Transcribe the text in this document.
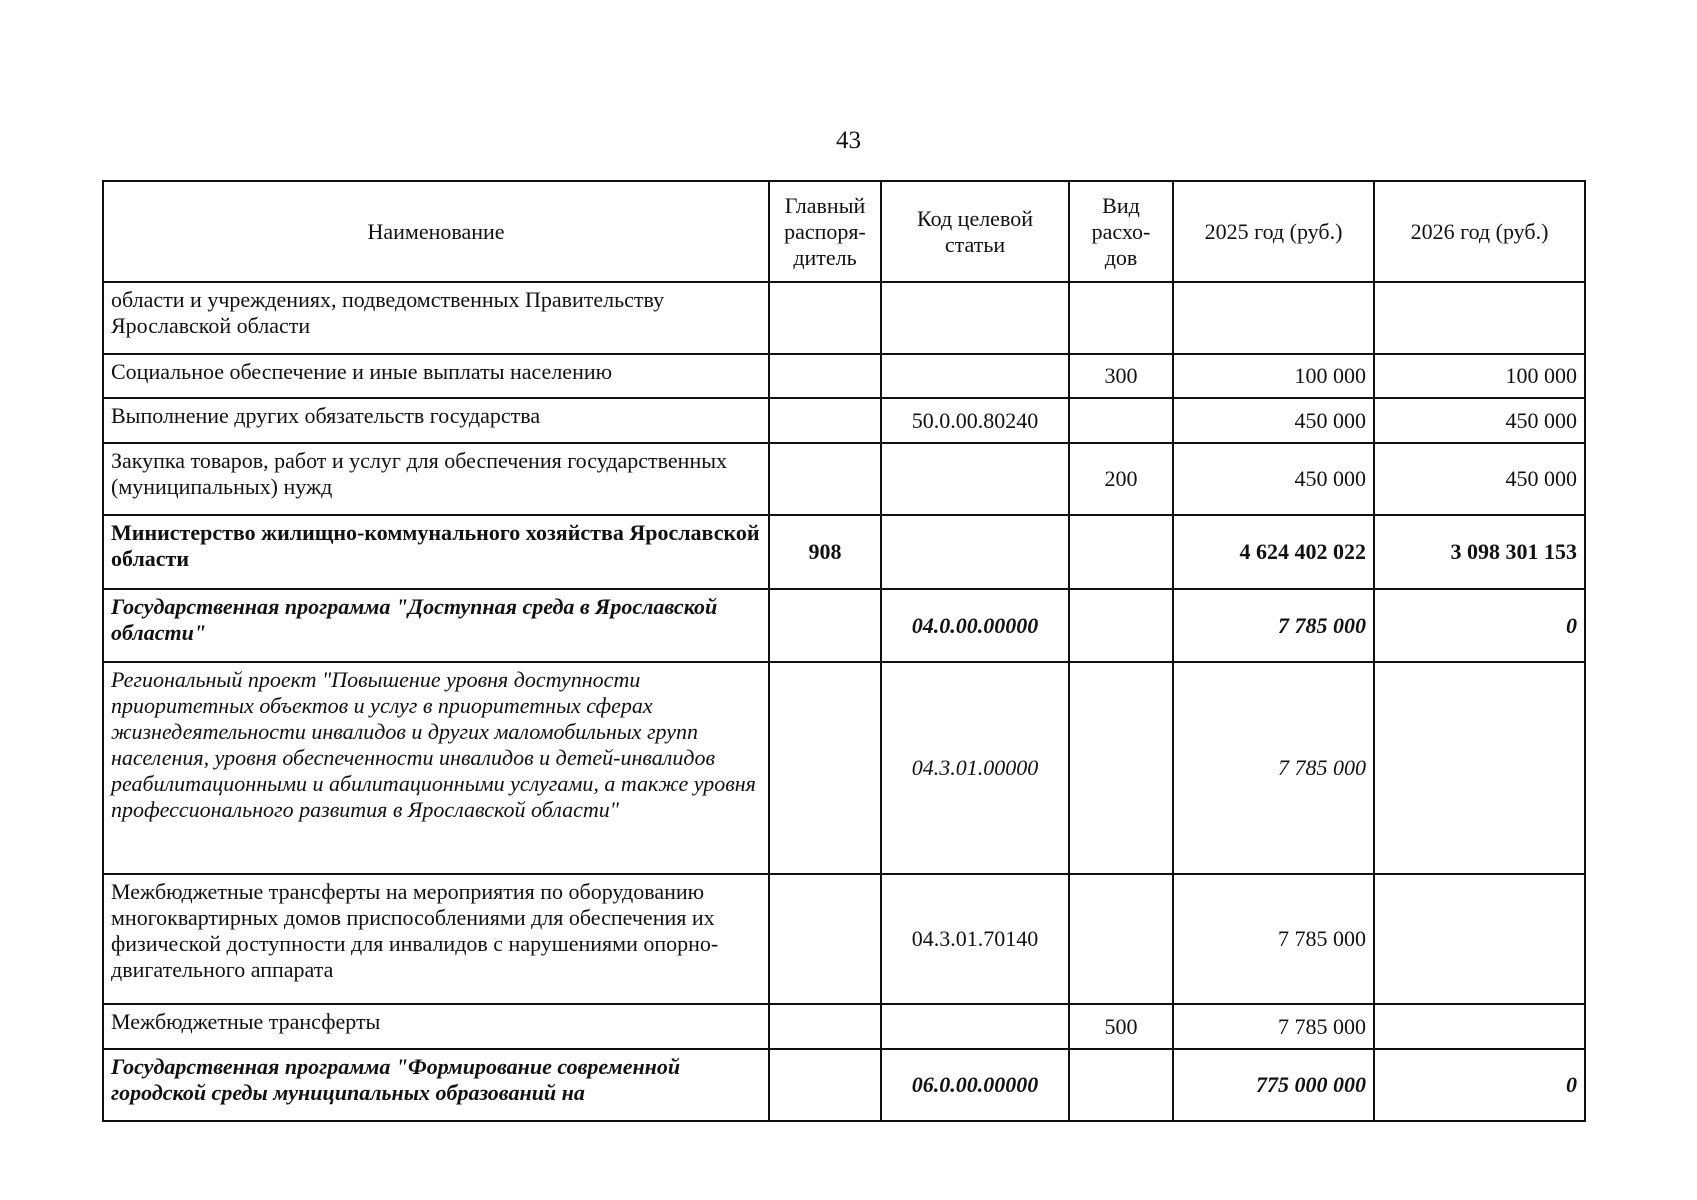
43
Наименование	Главный распоря-дитель	Код целевой статьи	Вид расхо-дов	2025 год (руб.)	2026 год (руб.)
области и учреждениях, подведомственных Правительству Ярославской области					
Социальное обеспечение и иные выплаты населению			300	100 000	100 000
Выполнение других обязательств государства		50.0.00.80240		450 000	450 000
Закупка товаров, работ и услуг для обеспечения государственных (муниципальных) нужд			200	450 000	450 000
Министерство жилищно-коммунального хозяйства Ярославской области	908			4 624 402 022	3 098 301 153
Государственная программа "Доступная среда в Ярославской области"		04.0.00.00000		7 785 000	0
Региональный проект "Повышение уровня доступности приоритетных объектов и услуг в приоритетных сферах жизнедеятельности инвалидов и других маломобильных групп населения, уровня обеспеченности инвалидов и детей-инвалидов реабилитационными и абилитационными услугами, а также уровня профессионального развития в Ярославской области"		04.3.01.00000		7 785 000	
Межбюджетные трансферты на мероприятия по оборудованию многоквартирных домов приспособлениями для обеспечения их физической доступности для инвалидов с нарушениями опорно-двигательного аппарата		04.3.01.70140		7 785 000	
Межбюджетные трансферты			500	7 785 000	
Государственная программа "Формирование современной городской среды муниципальных образований на		06.0.00.00000		775 000 000	0
